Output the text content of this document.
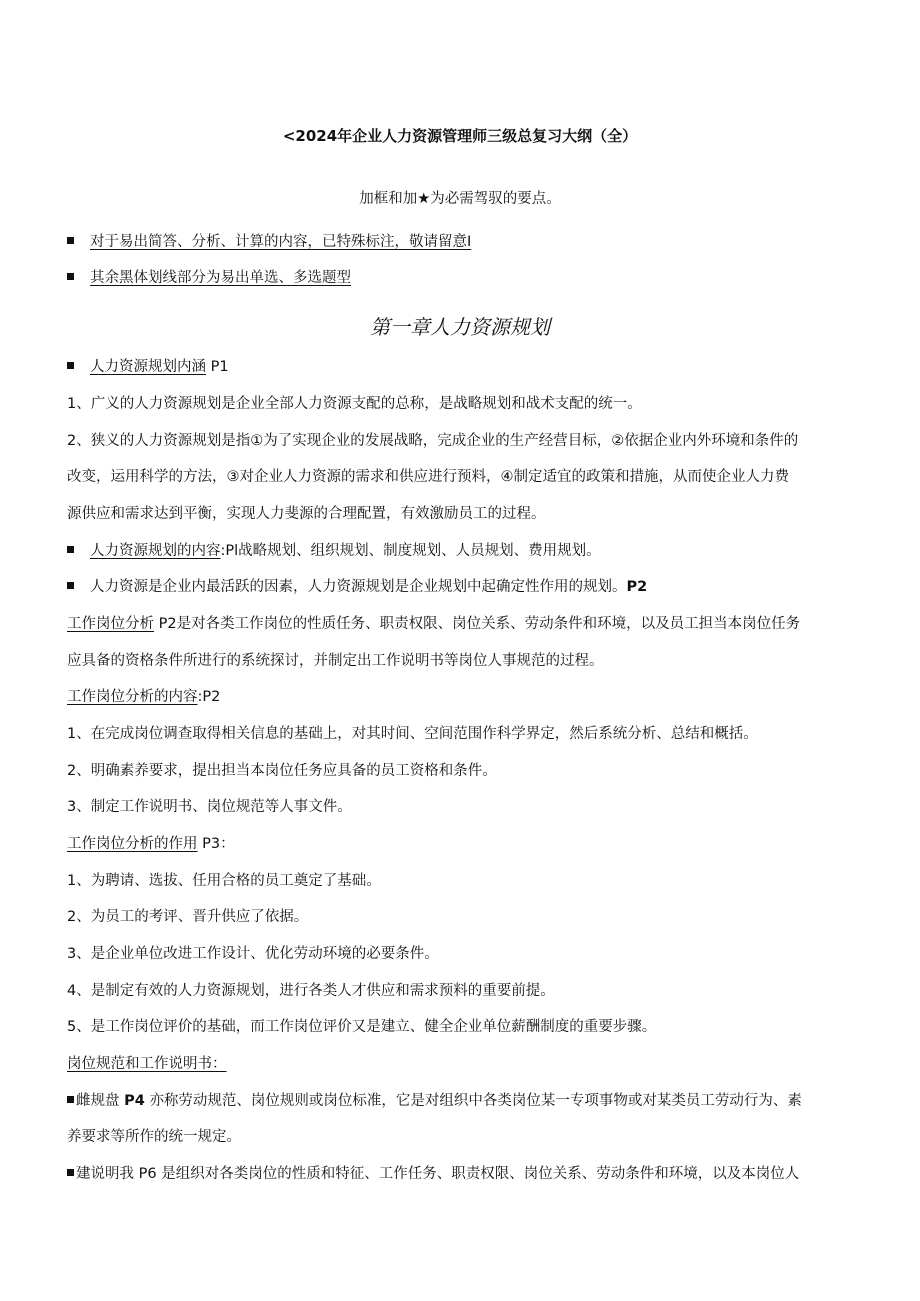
<2024年企业人力资源管理师三级总复习大纲（全）
加框和加★为必需驾驭的要点。
对于易出简答、分析、计算的内容，已特殊标注，敬请留意I
其余黑体划线部分为易出单选、多选题型
第一章人力资源规划
人力资源规划内涵 P1
1、广义的人力资源规划是企业全部人力资源支配的总称，是战略规划和战术支配的统一。
2、狭义的人力资源规划是指①为了实现企业的发展战略，完成企业的生产经营目标，②依据企业内外环境和条件的
改变，运用科学的方法，③对企业人力资源的需求和供应进行预料，④制定适宜的政策和措施，从而使企业人力费
源供应和需求达到平衡，实现人力斐源的合理配置，有效激励员工的过程。
人力资源规划的内容:Pl战略规划、组织规划、制度规划、人员规划、费用规划。
人力资源是企业内最活跃的因素，人力资源规划是企业规划中起确定性作用的规划。P2
工作岗位分析 P2是对各类工作岗位的性质任务、职责权限、岗位关系、劳动条件和环境，以及员工担当本岗位任务
应具备的资格条件所进行的系统探讨，并制定出工作说明书等岗位人事规范的过程。
工作岗位分析的内容:P2
1、在完成岗位调查取得相关信息的基础上，对其时间、空间范围作科学界定，然后系统分析、总结和概括。
2、明确素养要求，提出担当本岗位任务应具备的员工资格和条件。
3、制定工作说明书、岗位规范等人事文件。
工作岗位分析的作用 P3：
1、为聘请、选拔、任用合格的员工奠定了基础。
2、为员工的考评、晋升供应了依据。
3、是企业单位改进工作设计、优化劳动环境的必要条件。
4、是制定有效的人力资源规划，进行各类人才供应和需求预料的重要前提。
5、是工作岗位评价的基础，而工作岗位评价又是建立、健全企业单位薪酬制度的重要步骤。
岗位规范和工作说明书：
雌规盘 P4 亦称劳动规范、岗位规则或岗位标准，它是对组织中各类岗位某一专项事物或对某类员工劳动行为、素
养要求等所作的统一规定。
建说明我 P6 是组织对各类岗位的性质和特征、工作任务、职责权限、岗位关系、劳动条件和环境，以及本岗位人
